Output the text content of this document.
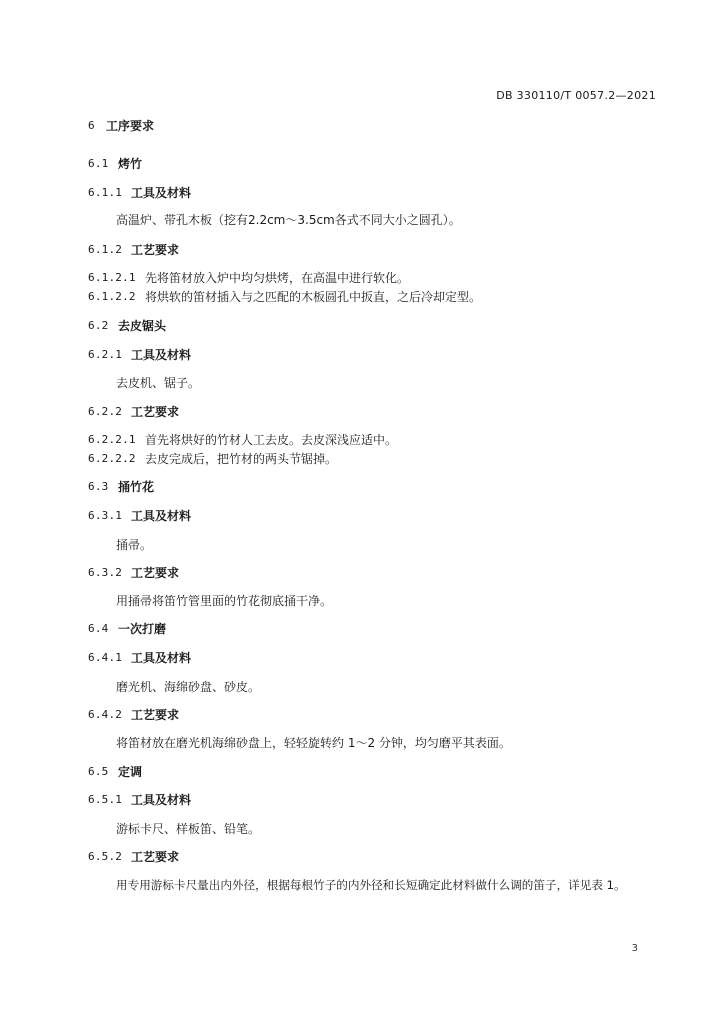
DB 330110/T 0057.2—2021
6 工序要求
6.1 烤竹
6.1.1 工具及材料
高温炉、带孔木板（挖有2.2cm～3.5cm各式不同大小之圆孔）。
6.1.2 工艺要求
6.1.2.1 先将笛材放入炉中均匀烘烤，在高温中进行软化。
6.1.2.2 将烘软的笛材插入与之匹配的木板圆孔中扳直，之后冷却定型。
6.2 去皮锯头
6.2.1 工具及材料
去皮机、锯子。
6.2.2 工艺要求
6.2.2.1 首先将烘好的竹材人工去皮。去皮深浅应适中。
6.2.2.2 去皮完成后，把竹材的两头节锯掉。
6.3 捅竹花
6.3.1 工具及材料
捅帚。
6.3.2 工艺要求
用捅帚将笛竹管里面的竹花彻底捅干净。
6.4 一次打磨
6.4.1 工具及材料
磨光机、海绵砂盘、砂皮。
6.4.2 工艺要求
将笛材放在磨光机海绵砂盘上，轻轻旋转约 1～2 分钟，均匀磨平其表面。
6.5 定调
6.5.1 工具及材料
游标卡尺、样板笛、铅笔。
6.5.2 工艺要求
用专用游标卡尺量出内外径，根据每根竹子的内外径和长短确定此材料做什么调的笛子，详见表 1。
3
